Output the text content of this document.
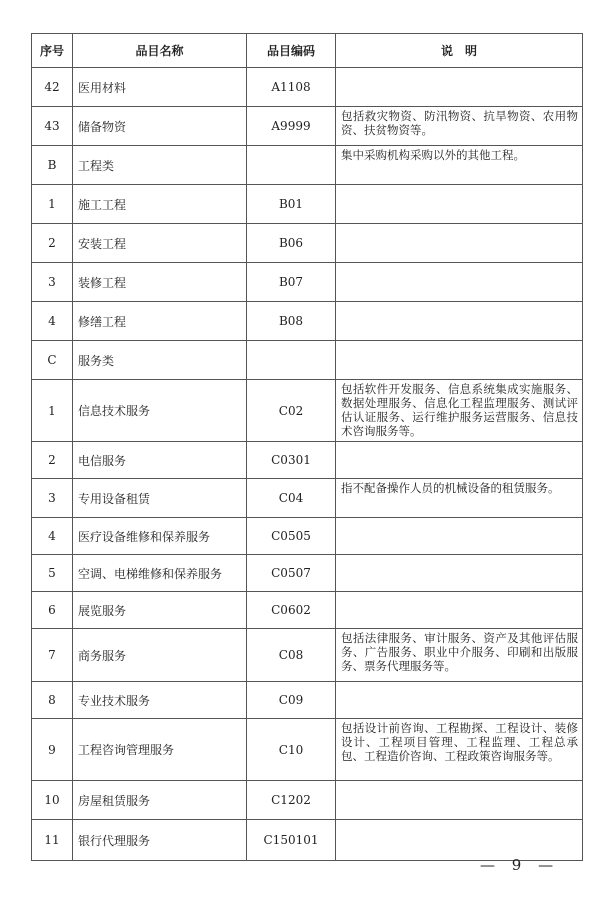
序号	品目名称	品目编码	说　明
42	医用材料	A1108	
43	储备物资	A9999	包括救灾物资、防汛物资、抗旱物资、农用物资、扶贫物资等。
B	工程类		集中采购机构采购以外的其他工程。
1	施工工程	B01	
2	安装工程	B06	
3	装修工程	B07	
4	修缮工程	B08	
C	服务类		
1	信息技术服务	C02	包括软件开发服务、信息系统集成实施服务、数据处理服务、信息化工程监理服务、测试评估认证服务、运行维护服务运营服务、信息技术咨询服务等。
2	电信服务	C0301	
3	专用设备租赁	C04	指不配备操作人员的机械设备的租赁服务。
4	医疗设备维修和保养服务	C0505	
5	空调、电梯维修和保养服务	C0507	
6	展览服务	C0602	
7	商务服务	C08	包括法律服务、审计服务、资产及其他评估服务、广告服务、职业中介服务、印刷和出版服务、票务代理服务等。
8	专业技术服务	C09	
9	工程咨询管理服务	C10	包括设计前咨询、工程勘探、工程设计、装修设计、工程项目管理、工程监理、工程总承包、工程造价咨询、工程政策咨询服务等。
10	房屋租赁服务	C1202	
11	银行代理服务	C150101	
— 9 —
